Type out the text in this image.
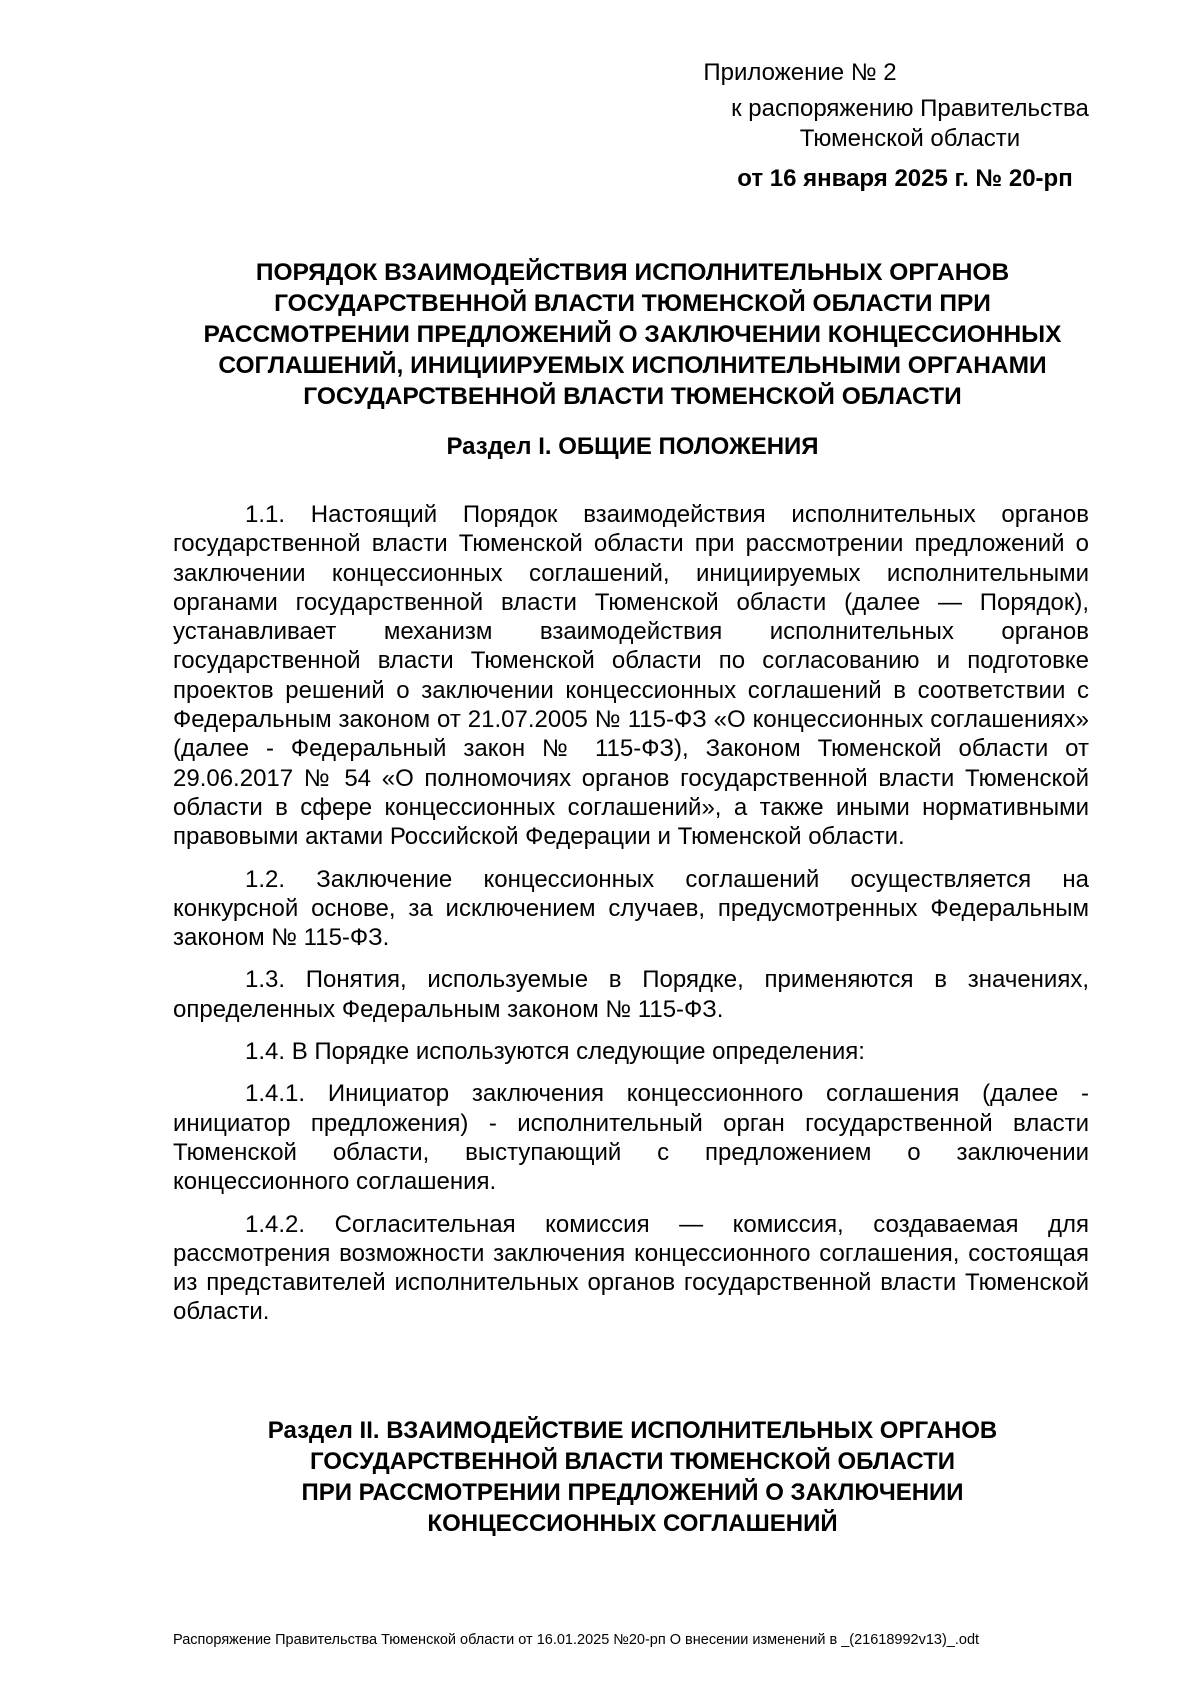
Приложение № 2
к распоряжению Правительства Тюменской области
от 16 января 2025 г. № 20-рп
ПОРЯДОК ВЗАИМОДЕЙСТВИЯ ИСПОЛНИТЕЛЬНЫХ ОРГАНОВ
ГОСУДАРСТВЕННОЙ ВЛАСТИ ТЮМЕНСКОЙ ОБЛАСТИ ПРИ
РАССМОТРЕНИИ ПРЕДЛОЖЕНИЙ О ЗАКЛЮЧЕНИИ КОНЦЕССИОННЫХ
СОГЛАШЕНИЙ, ИНИЦИИРУЕМЫХ ИСПОЛНИТЕЛЬНЫМИ ОРГАНАМИ
ГОСУДАРСТВЕННОЙ ВЛАСТИ ТЮМЕНСКОЙ ОБЛАСТИ
Раздел I. ОБЩИЕ ПОЛОЖЕНИЯ

1.1. Настоящий Порядок взаимодействия исполнительных органов государственной власти Тюменской области при рассмотрении предложений о заключении концессионных соглашений, инициируемых исполнительными органами государственной власти Тюменской области (далее — Порядок), устанавливает механизм взаимодействия исполнительных органов государственной власти Тюменской области по согласованию и подготовке проектов решений о заключении концессионных соглашений в соответствии с Федеральным законом от 21.07.2005 № 115-ФЗ «О концессионных соглашениях» (далее - Федеральный закон № 115-ФЗ), Законом Тюменской области от 29.06.2017 № 54 «О полномочиях органов государственной власти Тюменской области в сфере концессионных соглашений», а также иными нормативными правовыми актами Российской Федерации и Тюменской области.

1.2. Заключение концессионных соглашений осуществляется на конкурсной основе, за исключением случаев, предусмотренных Федеральным законом № 115-ФЗ.

1.3. Понятия, используемые в Порядке, применяются в значениях, определенных Федеральным законом № 115-ФЗ.

1.4. В Порядке используются следующие определения:

1.4.1. Инициатор заключения концессионного соглашения (далее - инициатор предложения) - исполнительный орган государственной власти Тюменской области, выступающий с предложением о заключении концессионного соглашения.

1.4.2. Согласительная комиссия — комиссия, создаваемая для рассмотрения возможности заключения концессионного соглашения, состоящая из представителей исполнительных органов государственной власти Тюменской области.

Раздел II. ВЗАИМОДЕЙСТВИЕ ИСПОЛНИТЕЛЬНЫХ ОРГАНОВ
ГОСУДАРСТВЕННОЙ ВЛАСТИ ТЮМЕНСКОЙ ОБЛАСТИ
ПРИ РАССМОТРЕНИИ ПРЕДЛОЖЕНИЙ О ЗАКЛЮЧЕНИИ
КОНЦЕССИОННЫХ СОГЛАШЕНИЙ
Распоряжение Правительства Тюменской области от 16.01.2025 №20-рп О внесении изменений в _(21618992v13)_.odt
